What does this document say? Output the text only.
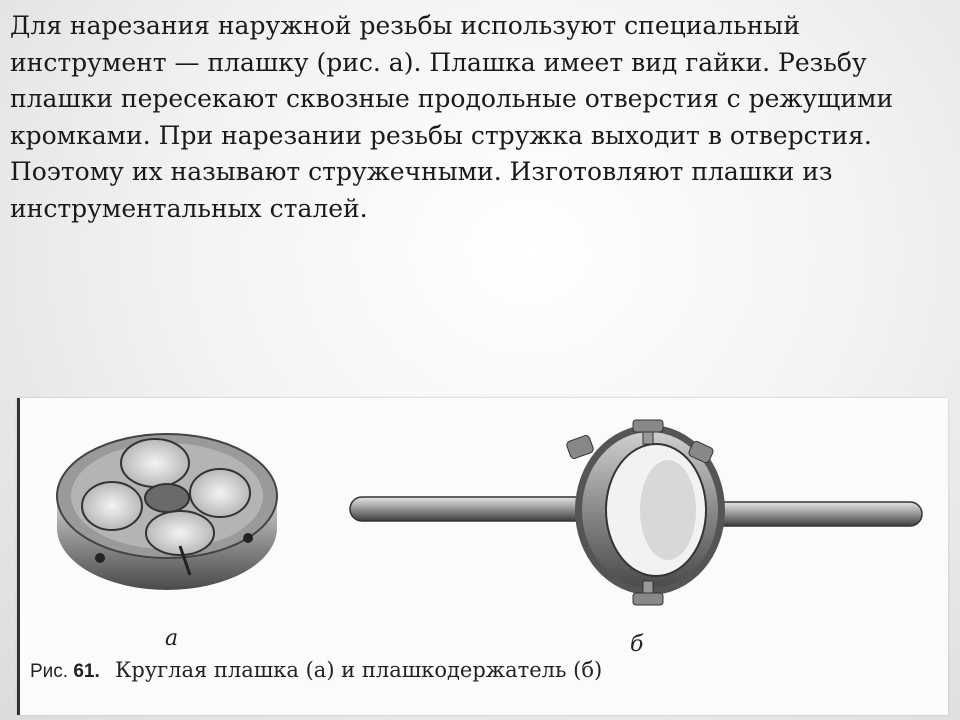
Для нарезания наружной резьбы используют специальный
инструмент — плашку (рис. а). Плашка имеет вид гайки. Резьбу
плашки пересекают сквозные продольные отверстия с режущими
кромками. При нарезании резьбы стружка выходит в отверстия.
Поэтому их называют стружечными. Изготовляют плашки из
инструментальных сталей.
а	б
Рис. 61. Круглая плашка (а) и плашкодержатель (б)
